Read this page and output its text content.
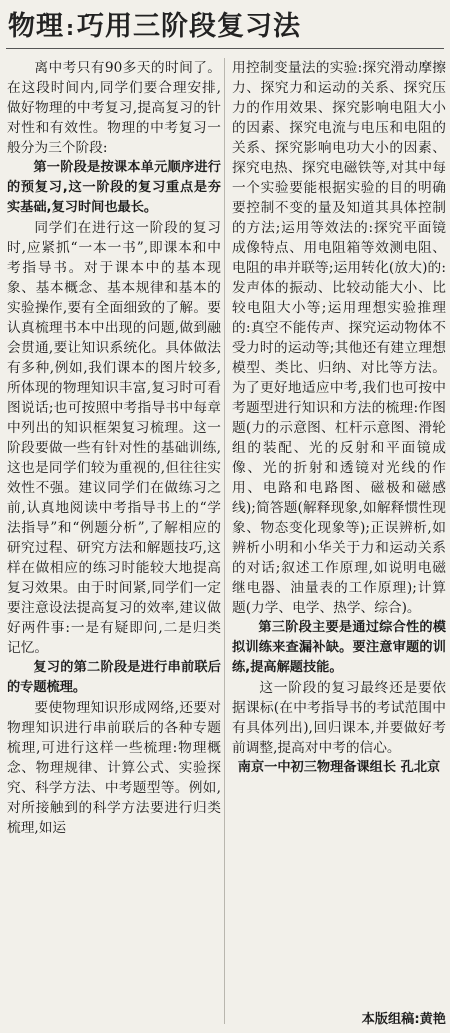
物理 :巧用三阶段复习法

离中考只有90多天的时间了。在这段时间内,同学们要合理安排,做好物理的中考复习,提高复习的针对性和有效性。物理的中考复习一般分为三个阶段:

第一阶段是按课本单元顺序进行的预复习,这一阶段的复习重点是夯实基础,复习时间也最长。

同学们在进行这一阶段的复习时,应紧抓“一本一书”,即课本和中考指导书。对于课本中的基本现象、基本概念、基本规律和基本的实验操作,要有全面细致的了解。要认真梳理书本中出现的问题,做到融会贯通,要让知识系统化。具体做法有多种,例如,我们课本的图片较多,所体现的物理知识丰富,复习时可看图说话;也可按照中考指导书中每章中列出的知识框架复习梳理。这一阶段要做一些有针对性的基础训练,这也是同学们较为重视的,但往往实效性不强。建议同学们在做练习之前,认真地阅读中考指导书上的“学法指导”和“例题分析”,了解相应的研究过程、研究方法和解题技巧,这样在做相应的练习时能较大地提高复习效果。由于时间紧,同学们一定要注意设法提高复习的效率,建议做好两件事:一是有疑即问,二是归类记忆。

复习的第二阶段是进行串前联后的专题梳理。

要使物理知识形成网络,还要对物理知识进行串前联后的各种专题梳理,可进行这样一些梳理:物理概念、物理规律、计算公式、实验探究、科学方法、中考题型等。例如,对所接触到的科学方法要进行归类梳理,如运

用控制变量法的实验:探究滑动摩擦力、探究力和运动的关系、探究压力的作用效果、探究影响电阻大小的因素、探究电流与电压和电阻的关系、探究影响电功大小的因素、探究电热、探究电磁铁等,对其中每一个实验要能根据实验的目的明确要控制不变的量及知道其具体控制的方法;运用等效法的:探究平面镜成像特点、用电阻箱等效测电阻、电阻的串并联等;运用转化(放大)的:发声体的振动、比较动能大小、比较电阻大小等;运用理想实验推理的:真空不能传声、探究运动物体不受力时的运动等;其他还有建立理想模型、类比、归纳、对比等方法。为了更好地适应中考,我们也可按中考题型进行知识和方法的梳理:作图题(力的示意图、杠杆示意图、滑轮组的装配、光的反射和平面镜成像、光的折射和透镜对光线的作用、电路和电路图、磁极和磁感线);简答题(解释现象,如解释惯性现象、物态变化现象等);正误辨析,如辨析小明和小华关于力和运动关系的对话;叙述工作原理,如说明电磁继电器、油量表的工作原理);计算题(力学、电学、热学、综合)。

第三阶段主要是通过综合性的模拟训练来查漏补缺。要注意审题的训练,提高解题技能。

这一阶段的复习最终还是要依据课标(在中考指导书的考试范围中有具体列出),回归课本,并要做好考前调整,提高对中考的信心。

南京一中初三物理备课组长 孔北京

本版组稿:黄艳
